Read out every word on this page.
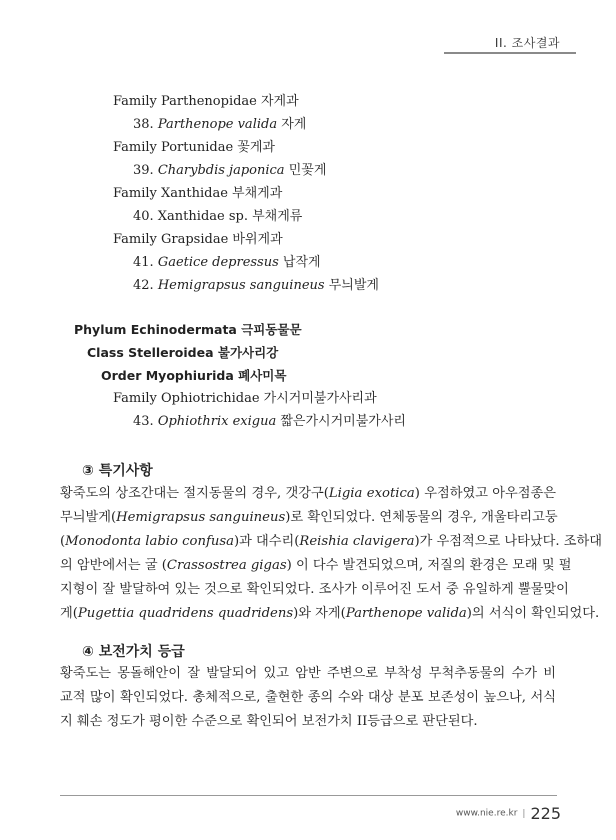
II. 조사결과
Family Parthenopidae 자게과
38. Parthenope valida 자게
Family Portunidae 꽃게과
39. Charybdis japonica 민꽃게
Family Xanthidae 부채게과
40. Xanthidae sp. 부채게류
Family Grapsidae 바위게과
41. Gaetice depressus 납작게
42. Hemigrapsus sanguineus 무늬발게
Phylum Echinodermata 극피동물문
Class Stelleroidea 불가사리강
Order Myophiurida 폐사미목
Family Ophiotrichidae 가시거미불가사리과
43. Ophiothrix exigua 짧은가시거미불가사리
③ 특기사항
황죽도의 상조간대는 절지동물의 경우, 갯강구(Ligia exotica) 우점하였고 아우점종은
무늬발게(Hemigrapsus sanguineus)로 확인되었다. 연체동물의 경우, 개울타리고둥
(Monodonta labio confusa)과 대수리(Reishia clavigera)가 우점적으로 나타났다. 조하대
의 암반에서는 굴 (Crassostrea gigas) 이 다수 발견되었으며, 저질의 환경은 모래 및 펄
지형이 잘 발달하여 있는 것으로 확인되었다. 조사가 이루어진 도서 중 유일하게 뿔물맞이
게(Pugettia quadridens quadridens)와 자게(Parthenope valida)의 서식이 확인되었다.
④ 보전가치 등급
황죽도는 몽돌해안이 잘 발달되어 있고 암반 주변으로 부착성 무척추동물의 수가 비
교적 많이 확인되었다. 총체적으로, 출현한 종의 수와 대상 분포 보존성이 높으나, 서식
지 훼손 정도가 평이한 수준으로 확인되어 보전가치 II등급으로 판단된다.
www.nie.re.kr | 225
